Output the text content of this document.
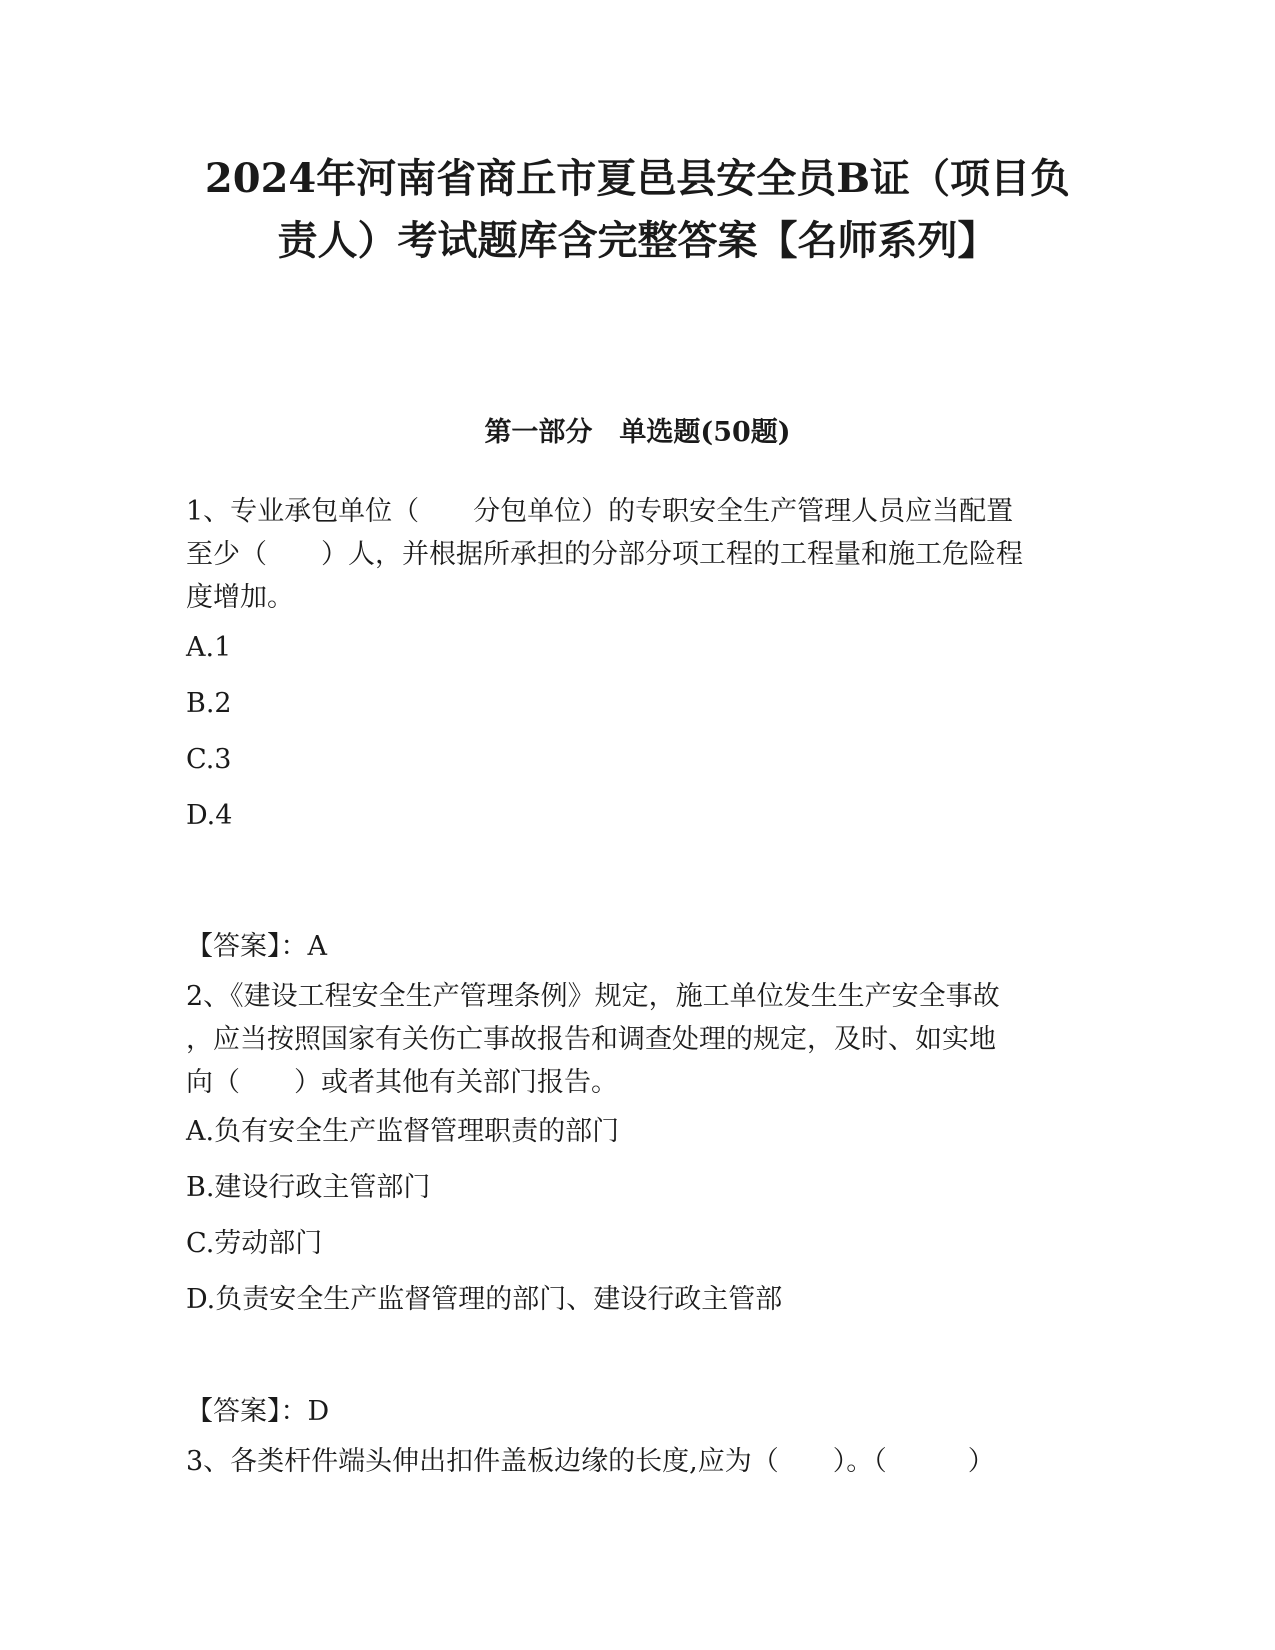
2024年河南省商丘市夏邑县安全员B证（项目负
责人）考试题库含完整答案【名师系列】
第一部分　单选题(50题)

1、专业承包单位（　　分包单位）的专职安全生产管理人员应当配置

至少（　　）人，并根据所承担的分部分项工程的工程量和施工危险程

度增加。

A.1

B.2

C.3

D.4

【答案】：A

2、《建设工程安全生产管理条例》规定，施工单位发生生产安全事故

，应当按照国家有关伤亡事故报告和调查处理的规定，及时、如实地

向（　　）或者其他有关部门报告。

A.负有安全生产监督管理职责的部门

B.建设行政主管部门

C.劳动部门

D.负责安全生产监督管理的部门、建设行政主管部

【答案】：D

3、各类杆件端头伸出扣件盖板边缘的长度,应为（　　）。（　　　）
